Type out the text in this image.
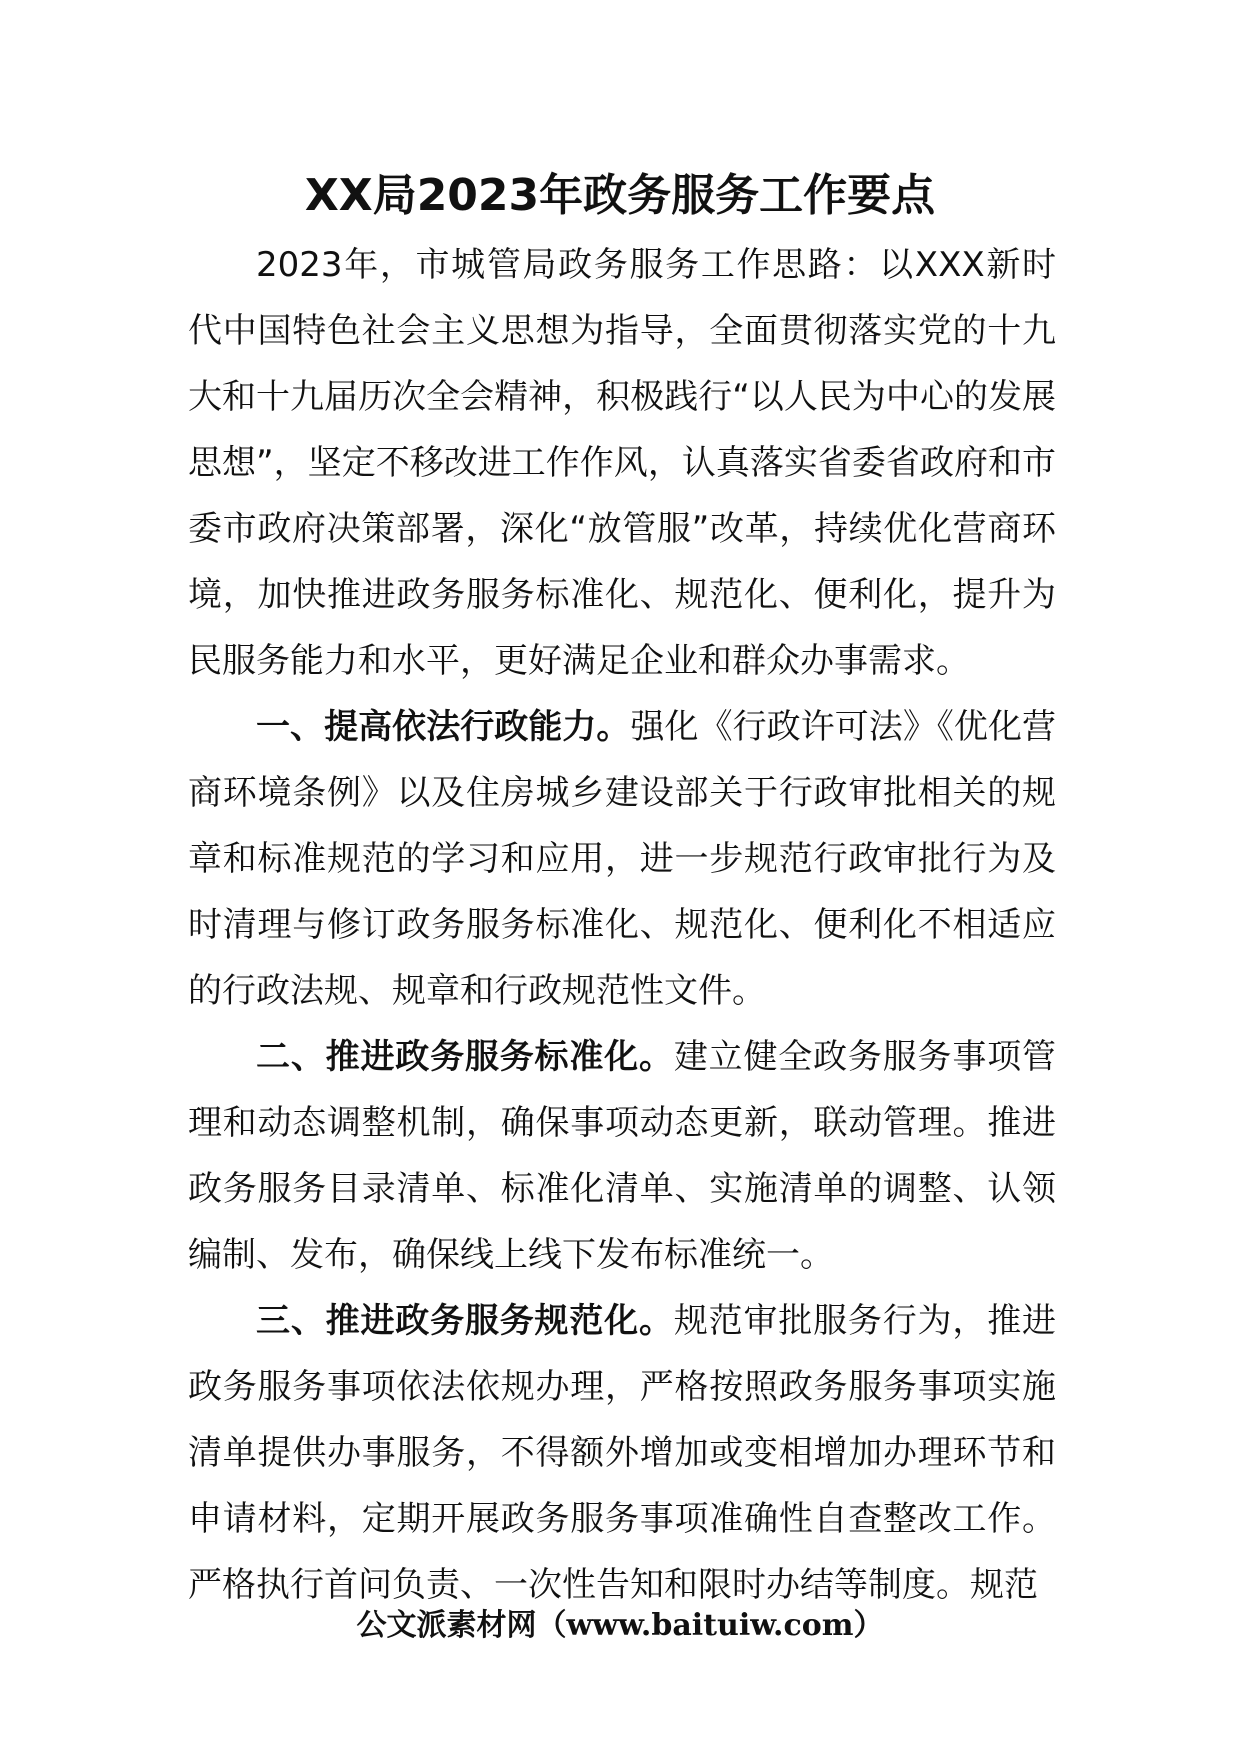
XX局2023年政务服务工作要点

2023年，市城管局政务服务工作思路：以XXX新时代中国特色社会主义思想为指导，全面贯彻落实党的十九大和十九届历次全会精神，积极践行“以人民为中心的发展思想”，坚定不移改进工作作风，认真落实省委省政府和市委市政府决策部署，深化“放管服”改革，持续优化营商环境，加快推进政务服务标准化、规范化、便利化，提升为民服务能力和水平，更好满足企业和群众办事需求。

一、提高依法行政能力。强化《行政许可法》《优化营商环境条例》以及住房城乡建设部关于行政审批相关的规章和标准规范的学习和应用，进一步规范行政审批行为及时清理与修订政务服务标准化、规范化、便利化不相适应的行政法规、规章和行政规范性文件。

二、推进政务服务标准化。建立健全政务服务事项管理和动态调整机制，确保事项动态更新，联动管理。推进政务服务目录清单、标准化清单、实施清单的调整、认领编制、发布，确保线上线下发布标准统一。

三、推进政务服务规范化。规范审批服务行为，推进政务服务事项依法依规办理，严格按照政务服务事项实施清单提供办事服务，不得额外增加或变相增加办理环节和申请材料，定期开展政务服务事项准确性自查整改工作。严格执行首问负责、一次性告知和限时办结等制度。规范

公文派素材网（www.baituiw.com）
